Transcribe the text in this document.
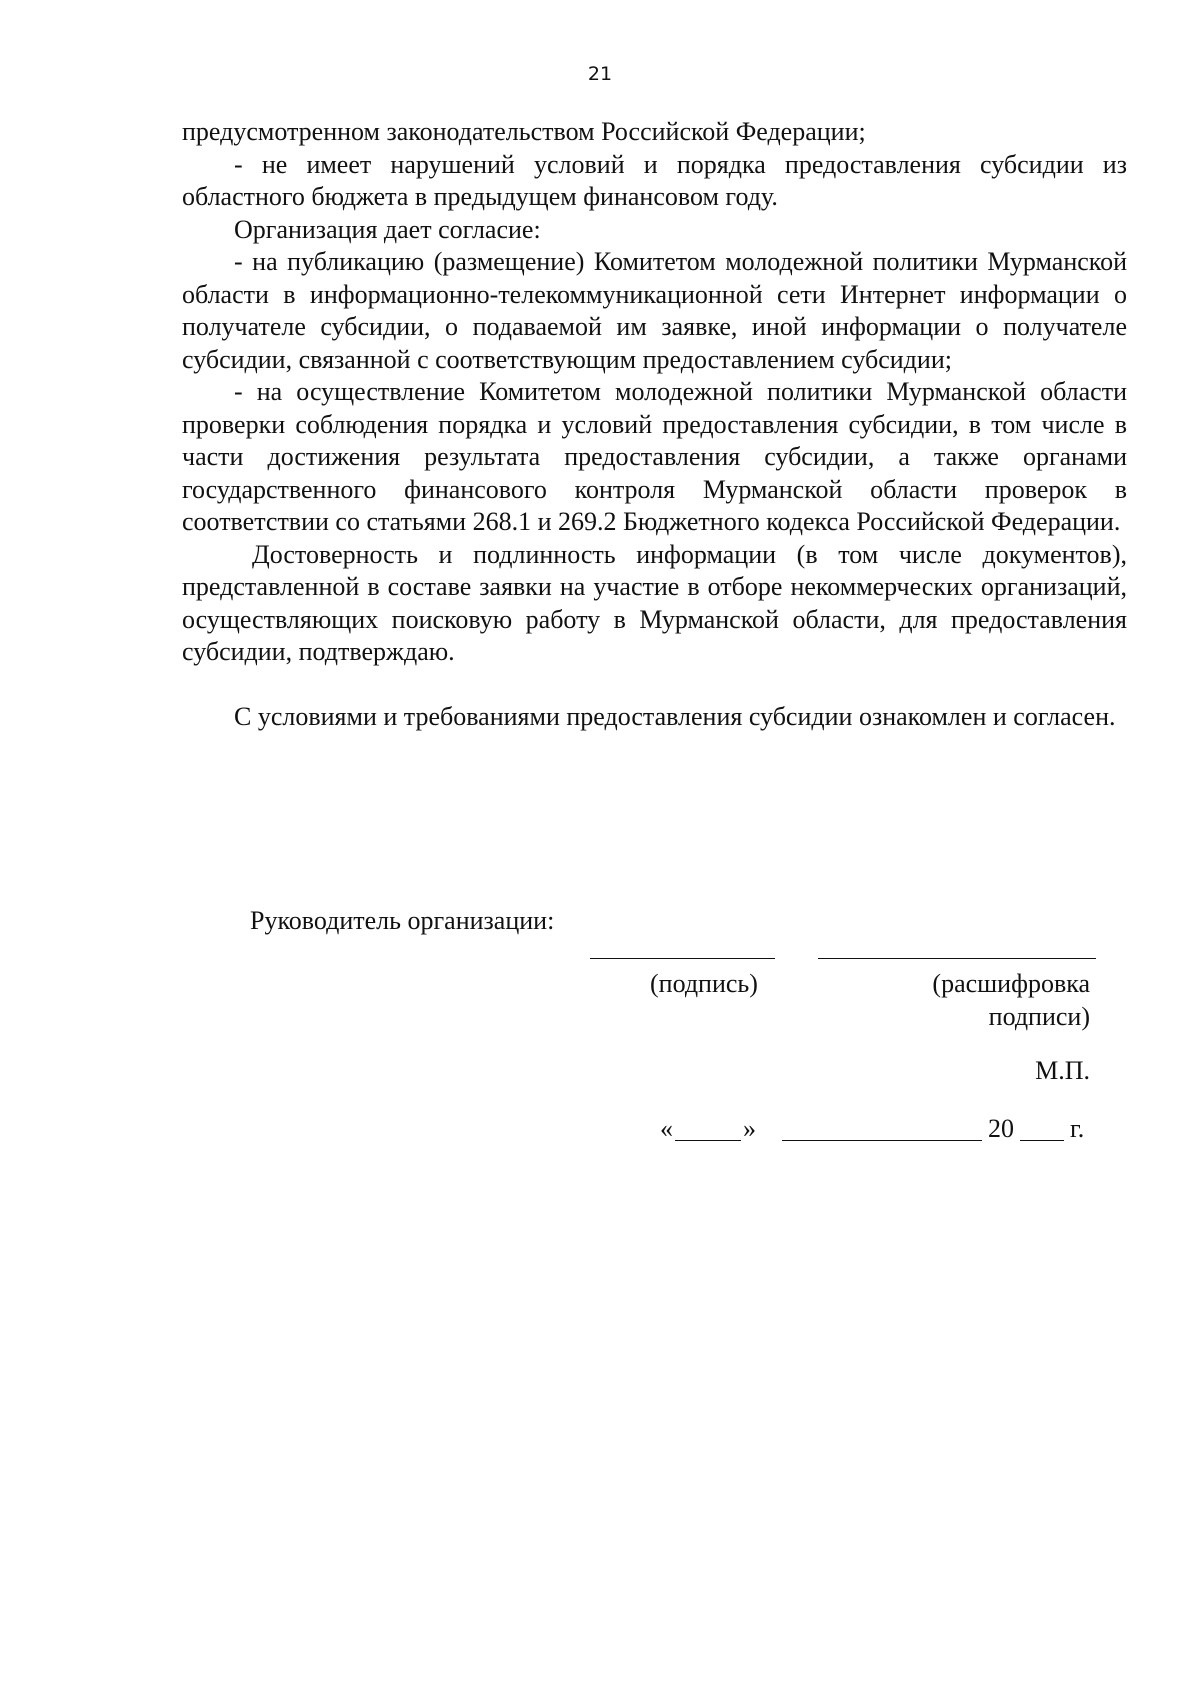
21

предусмотренном законодательством Российской Федерации;

- не имеет нарушений условий и порядка предоставления субсидии из областного бюджета в предыдущем финансовом году.

Организация дает согласие:

- на публикацию (размещение) Комитетом молодежной политики Мурманской области в информационно-телекоммуникационной сети Интернет информации о получателе субсидии, о подаваемой им заявке, иной информации о получателе субсидии, связанной с соответствующим предоставлением субсидии;

- на осуществление Комитетом молодежной политики Мурманской области проверки соблюдения порядка и условий предоставления субсидии, в том числе в части достижения результата предоставления субсидии, а также органами государственного финансового контроля Мурманской области проверок в соответствии со статьями 268.1 и 269.2 Бюджетного кодекса Российской Федерации.

Достоверность и подлинность информации (в том числе документов), представленной в составе заявки на участие в отборе некоммерческих организаций, осуществляющих поисковую работу в Мурманской области, для предоставления субсидии, подтверждаю.

С условиями и требованиями предоставления субсидии ознакомлен и согласен.

Руководитель организации:
(подпись)	(расшифровка
подписи)
М.П.
«	»	20 г.
